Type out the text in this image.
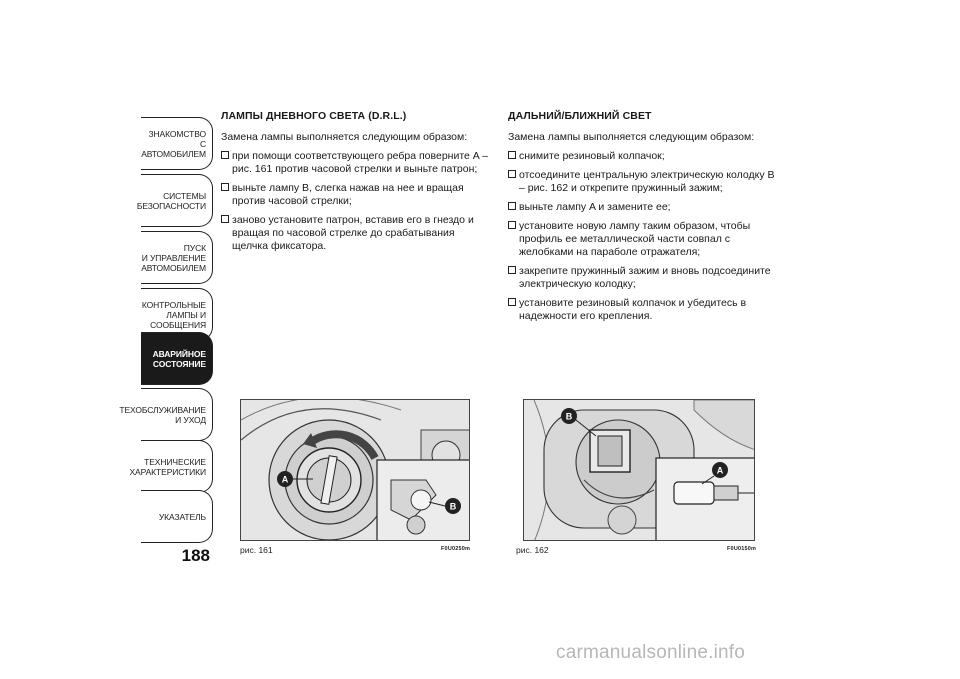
ЗНАКОМСТВО С
АВТОМОБИЛЕМ
СИСТЕМЫ
БЕЗОПАСНОСТИ
ПУСК
И УПРАВЛЕНИЕ
АВТОМОБИЛЕМ
КОНТРОЛЬНЫЕ
ЛАМПЫ И
СООБЩЕНИЯ
АВАРИЙНОЕ
СОСТОЯНИЕ
ТЕХОБСЛУЖИВАНИЕ
И УХОД
ТЕХНИЧЕСКИЕ
ХАРАКТЕРИСТИКИ
УКАЗАТЕЛЬ
188
ЛАМПЫ ДНЕВНОГО СВЕТА (D.R.L.)

Замена лампы выполняется следующим образом:

при помощи соответствующего ребра поверните A – рис. 161 против часовой стрелки и выньте патрон;
выньте лампу B, слегка нажав на нее и вращая против часовой стрелки;
заново установите патрон, вставив его в гнездо и вращая по часовой стрелке до срабатывания щелчка фиксатора.
ДАЛЬНИЙ/БЛИЖНИЙ СВЕТ

Замена лампы выполняется следующим образом:

снимите резиновый колпачок;
отсоедините центральную электрическую колодку B – рис. 162 и открепите пружинный зажим;
выньте лампу A и замените ее;
установите новую лампу таким образом, чтобы профиль ее металлической части совпал с желобками на параболе отражателя;
закрепите пружинный зажим и вновь подсоедините электрическую колодку;
установите резиновый колпачок и убедитесь в надежности его крепления.
A
B
рис. 161	F0U0250m
B
A
рис. 162	F0U0150m
carmanualsonline.info
